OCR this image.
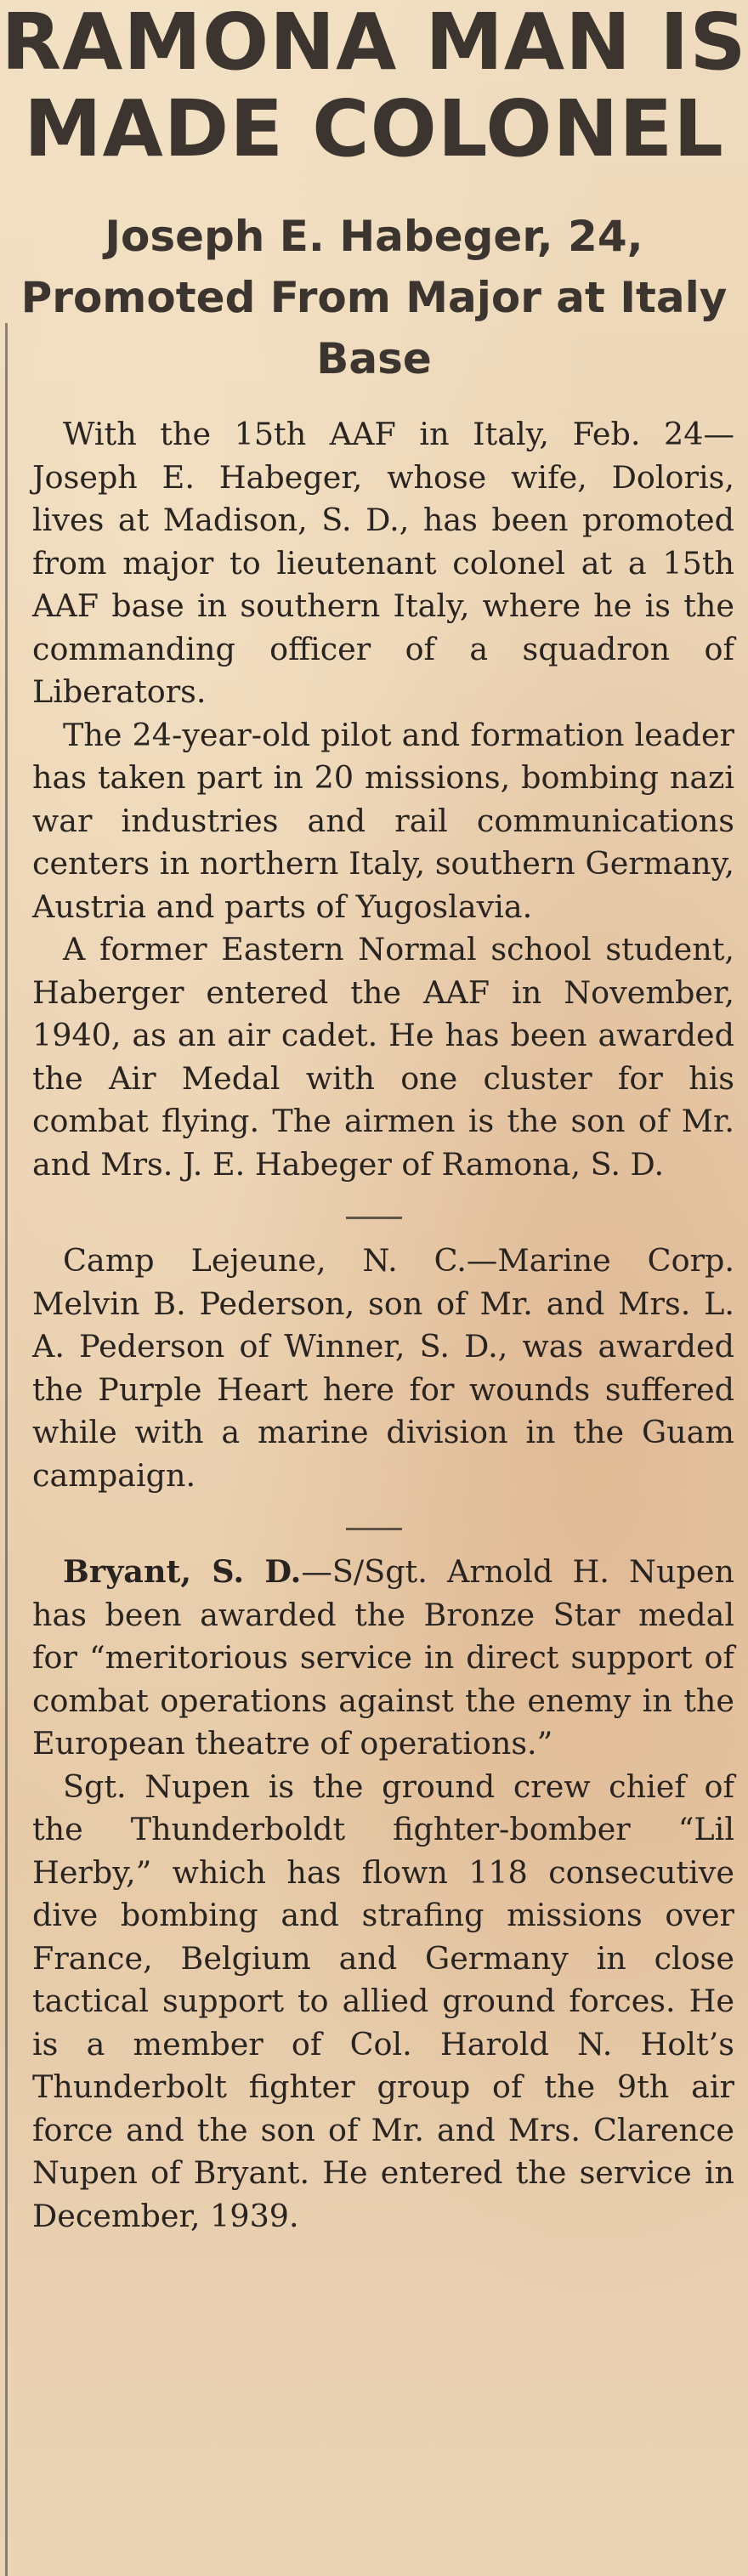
RAMONA MAN IS
MADE COLONEL
Joseph E. Habeger, 24, Promoted From Major at Italy Base

With the 15th AAF in Italy, Feb. 24—Joseph E. Habeger, whose wife, Doloris, lives at Madison, S. D., has been promoted from major to lieutenant colonel at a 15th AAF base in southern Italy, where he is the commanding officer of a squadron of Liberators.

The 24-year-old pilot and formation leader has taken part in 20 missions, bombing nazi war industries and rail communications centers in northern Italy, southern Germany, Austria and parts of Yugoslavia.

A former Eastern Normal school student, Haberger entered the AAF in November, 1940, as an air cadet. He has been awarded the Air Medal with one cluster for his combat flying. The airmen is the son of Mr. and Mrs. J. E. Habeger of Ramona, S. D.

Camp Lejeune, N. C.—Marine Corp. Melvin B. Pederson, son of Mr. and Mrs. L. A. Pederson of Winner, S. D., was awarded the Purple Heart here for wounds suffered while with a marine division in the Guam campaign.

Bryant, S. D.—S/Sgt. Arnold H. Nupen has been awarded the Bronze Star medal for “meritorious service in direct support of combat operations against the enemy in the European theatre of operations.”

Sgt. Nupen is the ground crew chief of the Thunderboldt fighter-bomber “Lil Herby,” which has flown 118 consecutive dive bombing and strafing missions over France, Belgium and Germany in close tactical support to allied ground forces. He is a member of Col. Harold N. Holt’s Thunderbolt fighter group of the 9th air force and the son of Mr. and Mrs. Clarence Nupen of Bryant. He entered the service in December, 1939.
